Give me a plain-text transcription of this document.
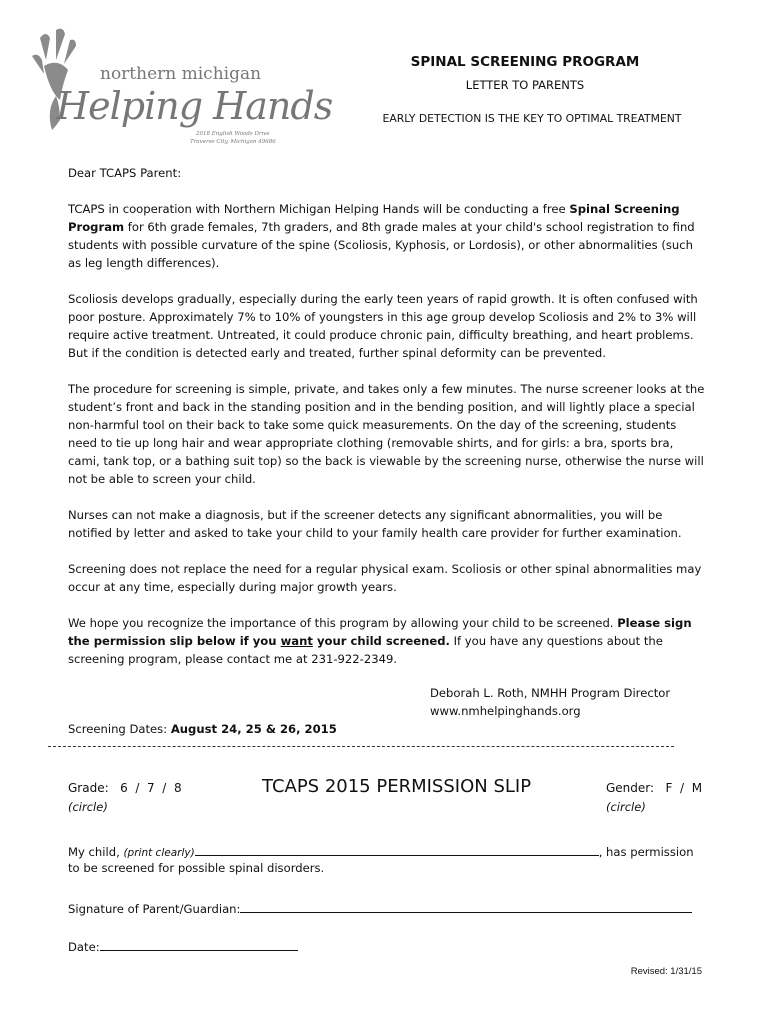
northern michigan
Helping Hands
2018 English Woods Drive
Traverse City, Michigan 49686
SPINAL SCREENING PROGRAM
LETTER TO PARENTS
EARLY DETECTION IS THE KEY TO OPTIMAL TREATMENT
Dear TCAPS Parent:
TCAPS in cooperation with Northern Michigan Helping Hands will be conducting a free Spinal Screening Program for 6th grade females, 7th graders, and 8th grade males at your child's school registration to find students with possible curvature of the spine (Scoliosis, Kyphosis, or Lordosis), or other abnormalities (such as leg length differences).
Scoliosis develops gradually, especially during the early teen years of rapid growth. It is often confused with poor posture. Approximately 7% to 10% of youngsters in this age group develop Scoliosis and 2% to 3% will require active treatment. Untreated, it could produce chronic pain, difficulty breathing, and heart problems. But if the condition is detected early and treated, further spinal deformity can be prevented.
The procedure for screening is simple, private, and takes only a few minutes. The nurse screener looks at the student’s front and back in the standing position and in the bending position, and will lightly place a special non-harmful tool on their back to take some quick measurements. On the day of the screening, students need to tie up long hair and wear appropriate clothing (removable shirts, and for girls: a bra, sports bra, cami, tank top, or a bathing suit top) so the back is viewable by the screening nurse, otherwise the nurse will not be able to screen your child.
Nurses can not make a diagnosis, but if the screener detects any significant abnormalities, you will be notified by letter and asked to take your child to your family health care provider for further examination.
Screening does not replace the need for a regular physical exam. Scoliosis or other spinal abnormalities may occur at any time, especially during major growth years.
We hope you recognize the importance of this program by allowing your child to be screened. Please sign the permission slip below if you want your child screened. If you have any questions about the screening program, please contact me at 231-922-2349.
Deborah L. Roth, NMHH Program Director
www.nmhelpinghands.org
Screening Dates: August 24, 25 & 26, 2015
Grade: 6  /  7  /  8
(circle)
TCAPS 2015 PERMISSION SLIP	Gender: F  /  M
(circle)
My child, (print clearly)	, has permission
to be screened for possible spinal disorders.
Signature of Parent/Guardian:
Date:
Revised: 1/31/15
